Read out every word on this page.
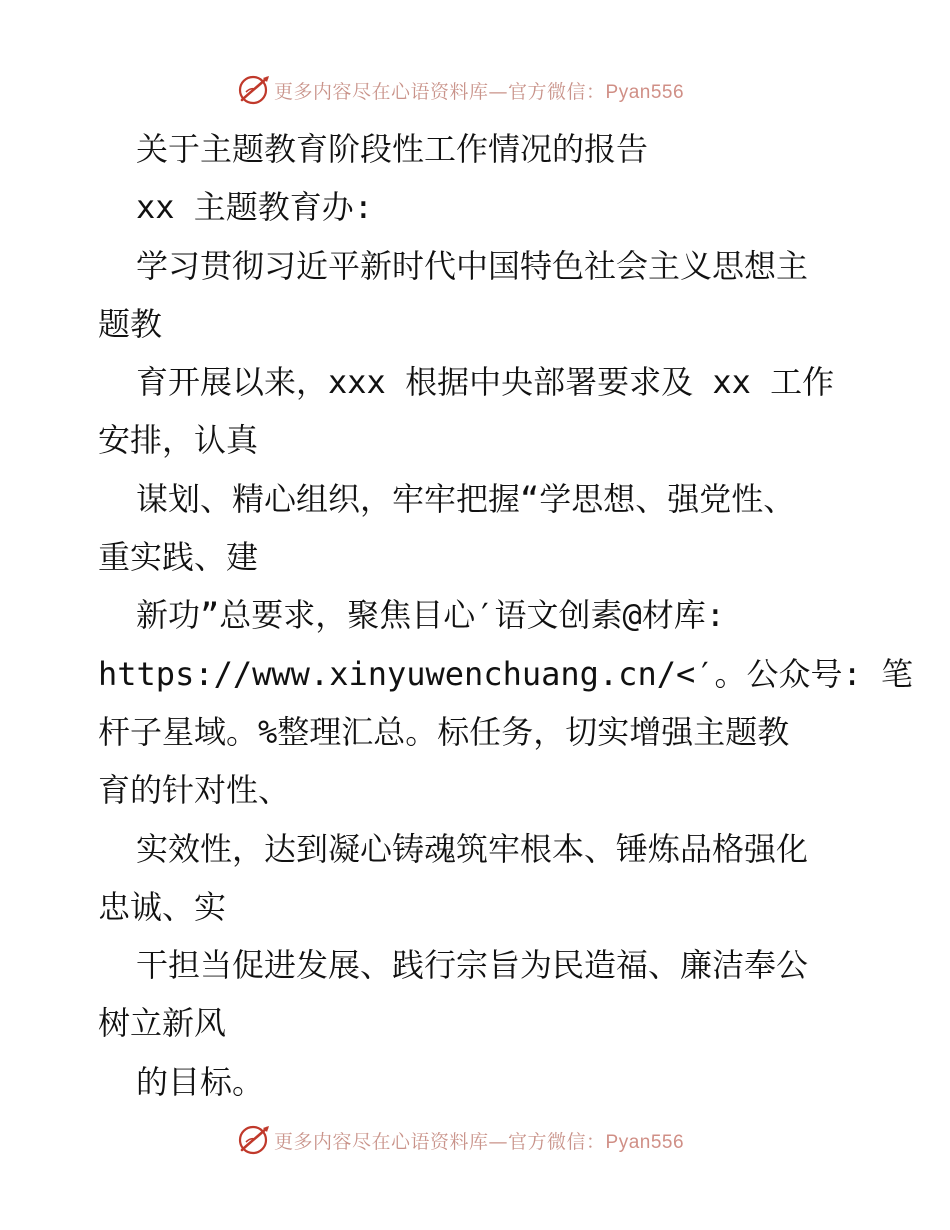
更多内容尽在心语资料库—官方微信：Pyan556
关于主题教育阶段性工作情况的报告
xx 主题教育办:
学习贯彻习近平新时代中国特色社会主义思想主
题教
育开展以来，xxx 根据中央部署要求及 xx 工作
安排，认真
谋划、精心组织，牢牢把握“学思想、强党性、
重实践、建
新功”总要求，聚焦目心′语文创素@材库:
https://www.xinyuwenchuang.cn/<′。公众号: 笔
杆子星域。%整理汇总。标任务，切实增强主题教
育的针对性、
实效性，达到凝心铸魂筑牢根本、锤炼品格强化
忠诚、实
干担当促进发展、践行宗旨为民造福、廉洁奉公
树立新风
的目标。
更多内容尽在心语资料库—官方微信：Pyan556
